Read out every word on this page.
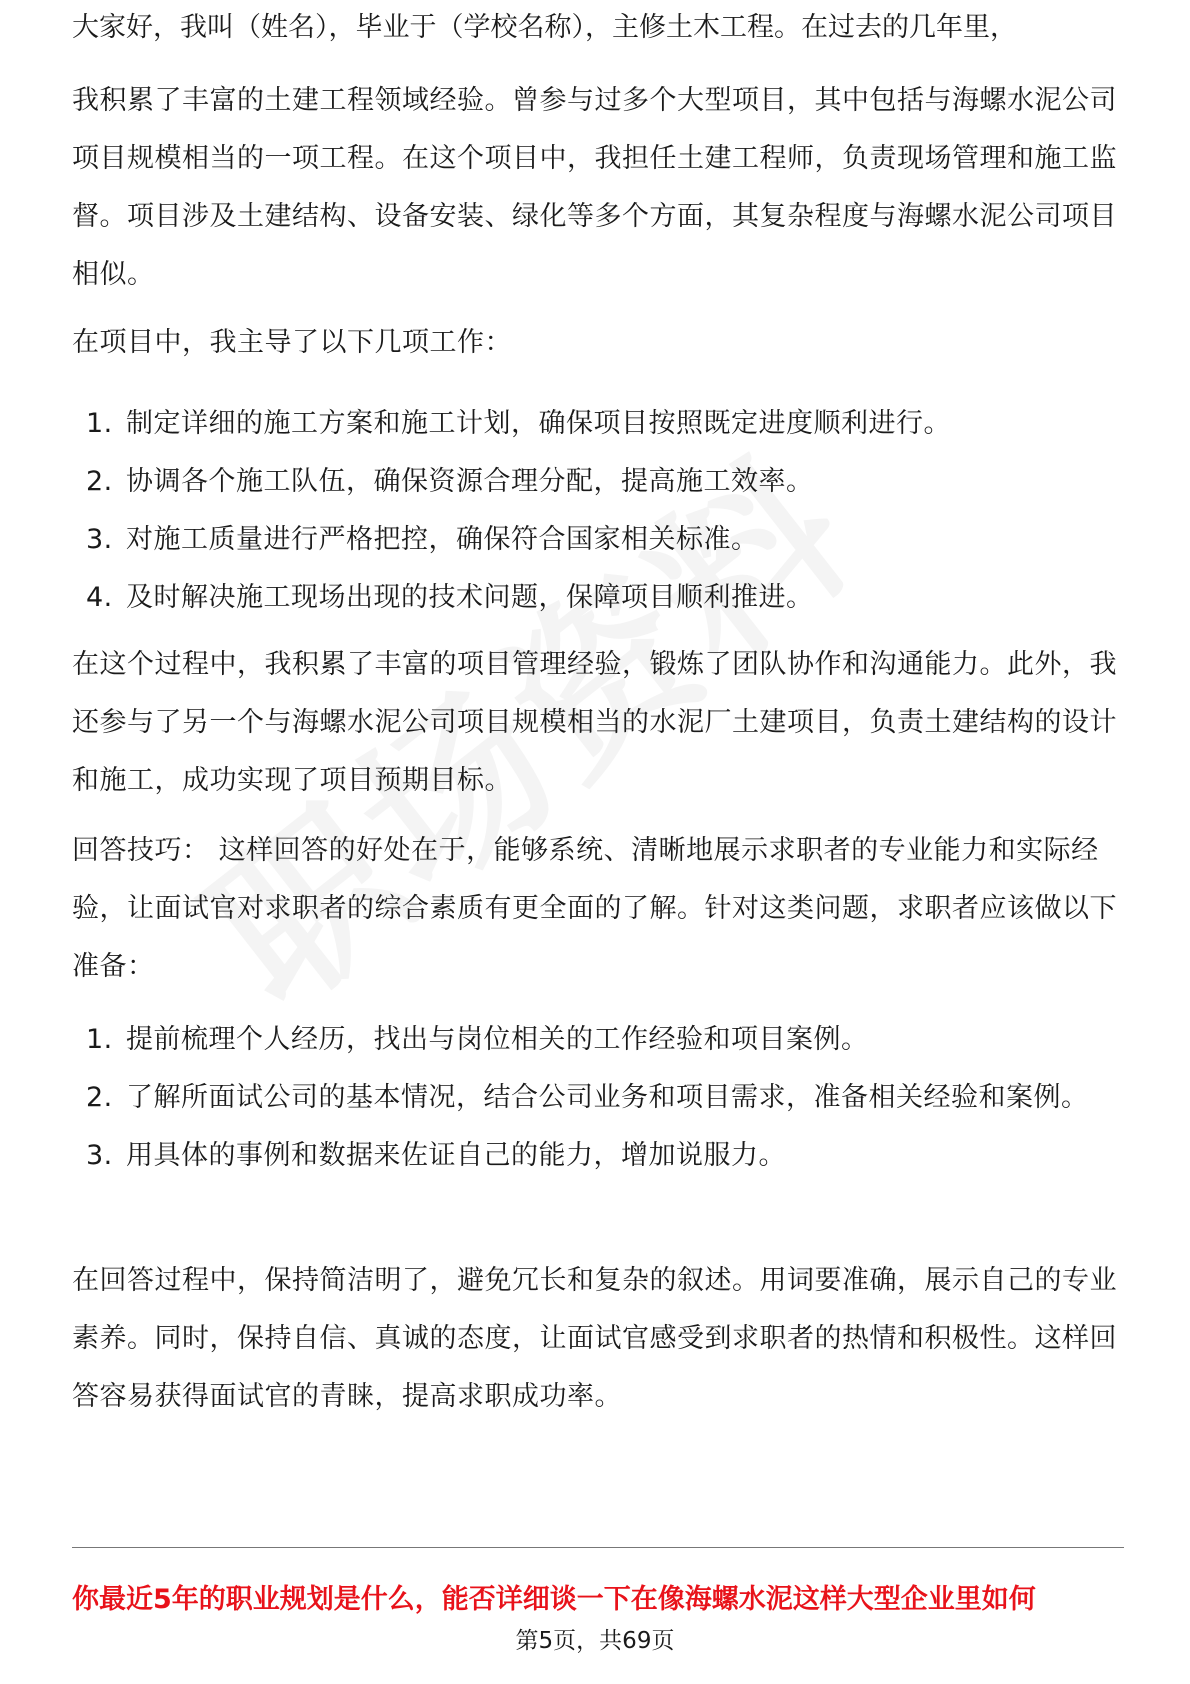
大家好，我叫（姓名），毕业于（学校名称），主修土木工程。在过去的几年里，

我积累了丰富的土建工程领域经验。曾参与过多个大型项目，其中包括与海螺水泥公司项目规模相当的一项工程。在这个项目中，我担任土建工程师，负责现场管理和施工监督。项目涉及土建结构、设备安装、绿化等多个方面，其复杂程度与海螺水泥公司项目相似。

在项目中，我主导了以下几项工作：

1. 制定详细的施工方案和施工计划，确保项目按照既定进度顺利进行。
2. 协调各个施工队伍，确保资源合理分配，提高施工效率。
3. 对施工质量进行严格把控，确保符合国家相关标准。
4. 及时解决施工现场出现的技术问题，保障项目顺利推进。

在这个过程中，我积累了丰富的项目管理经验，锻炼了团队协作和沟通能力。此外，我还参与了另一个与海螺水泥公司项目规模相当的水泥厂土建项目，负责土建结构的设计和施工，成功实现了项目预期目标。

回答技巧： 这样回答的好处在于，能够系统、清晰地展示求职者的专业能力和实际经验，让面试官对求职者的综合素质有更全面的了解。针对这类问题，求职者应该做以下准备：

1. 提前梳理个人经历，找出与岗位相关的工作经验和项目案例。
2. 了解所面试公司的基本情况，结合公司业务和项目需求，准备相关经验和案例。
3. 用具体的事例和数据来佐证自己的能力，增加说服力。

在回答过程中，保持简洁明了，避免冗长和复杂的叙述。用词要准确，展示自己的专业素养。同时，保持自信、真诚的态度，让面试官感受到求职者的热情和积极性。这样回答容易获得面试官的青睐，提高求职成功率。

你最近5年的职业规划是什么，能否详细谈一下在像海螺水泥这样大型企业里如何
第5页，共69页
